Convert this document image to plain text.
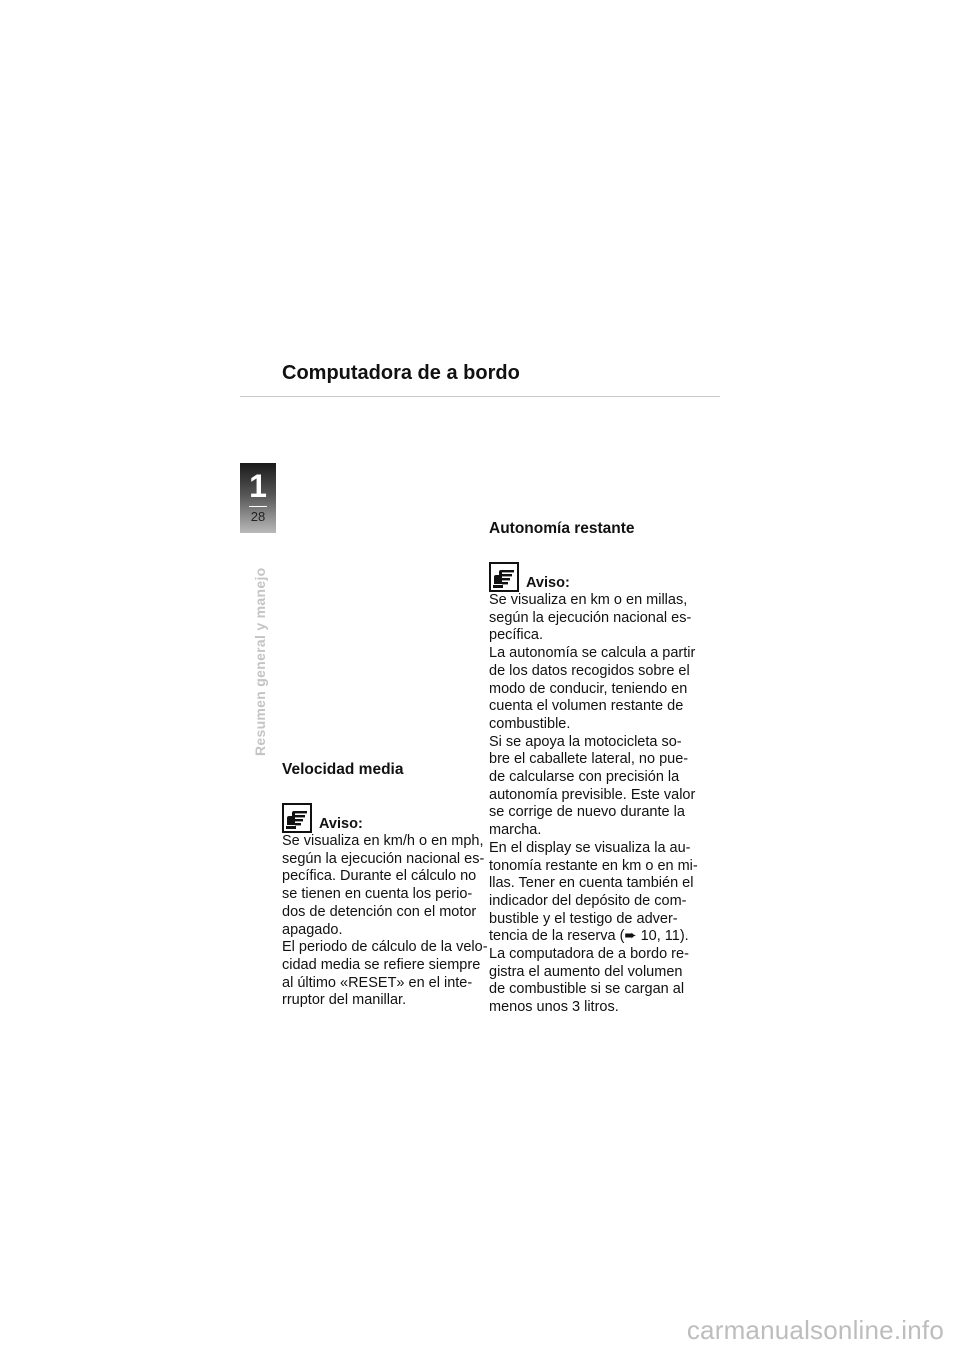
Computadora de a bordo
1
28
Resumen general y manejo
Velocidad media
Aviso:

Se visualiza en km/h o en mph,
según la ejecución nacional es-
pecífica. Durante el cálculo no
se tienen en cuenta los perio-
dos de detención con el motor
apagado.
El periodo de cálculo de la velo-
cidad media se refiere siempre
al último «RESET» en el inte-
rruptor del manillar.

Autonomía restante
Aviso:

Se visualiza en km o en millas,
según la ejecución nacional es-
pecífica.
La autonomía se calcula a partir
de los datos recogidos sobre el
modo de conducir, teniendo en
cuenta el volumen restante de
combustible.
Si se apoya la motocicleta so-
bre el caballete lateral, no pue-
de calcularse con precisión la
autonomía previsible. Este valor
se corrige de nuevo durante la
marcha.
En el display se visualiza la au-
tonomía restante en km o en mi-
llas. Tener en cuenta también el
indicador del depósito de com-
bustible y el testigo de adver-
tencia de la reserva (➨ 10, 11).
La computadora de a bordo re-
gistra el aumento del volumen
de combustible si se cargan al
menos unos 3 litros.

carmanualsonline.info
